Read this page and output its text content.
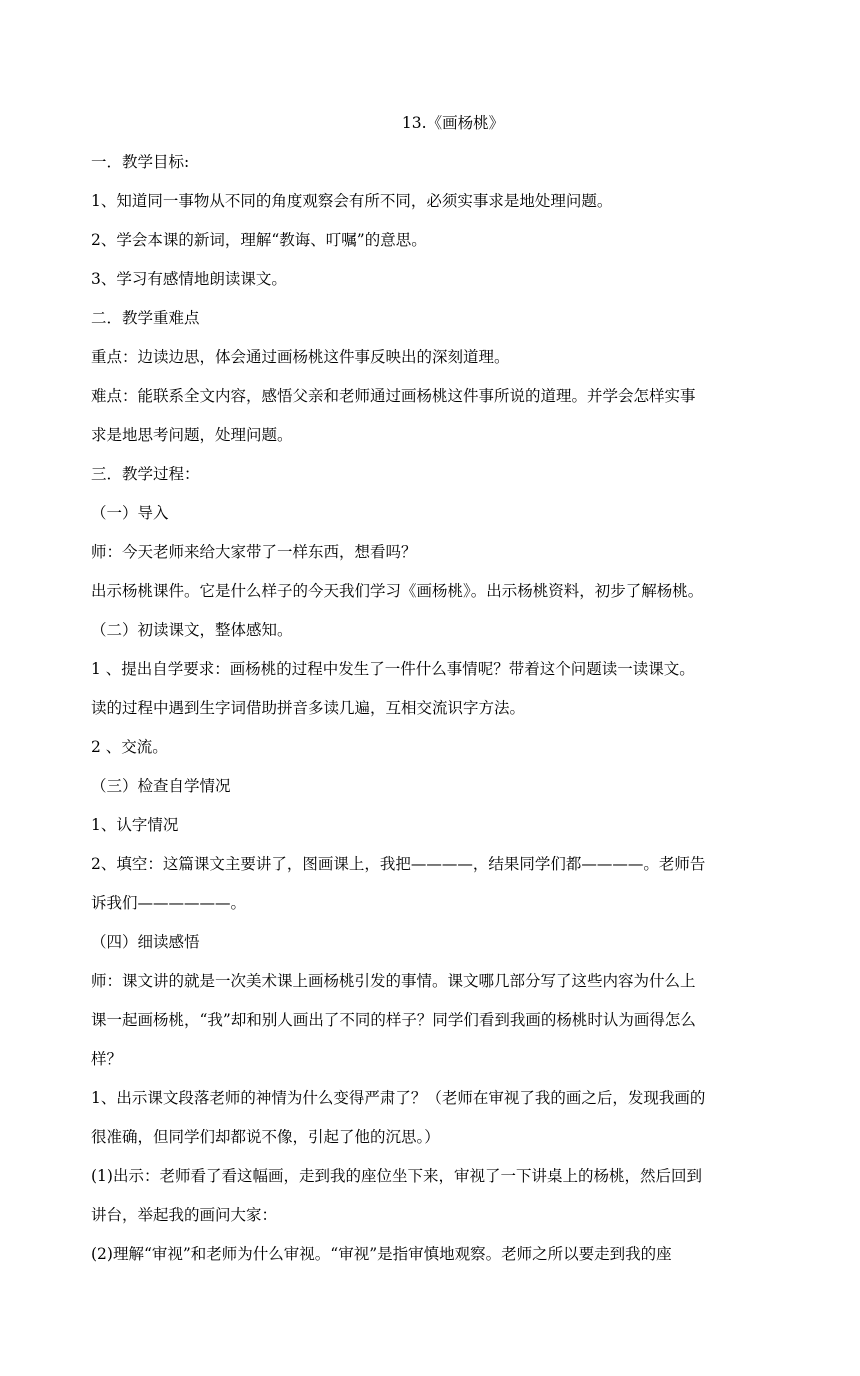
13.《画杨桃》

一．教学目标:

1、知道同一事物从不同的角度观察会有所不同，必须实事求是地处理问题。

2、学会本课的新词，理解“教诲、叮嘱”的意思。

3、学习有感情地朗读课文。

二．教学重难点

重点：边读边思，体会通过画杨桃这件事反映出的深刻道理。

难点：能联系全文内容，感悟父亲和老师通过画杨桃这件事所说的道理。并学会怎样实事

求是地思考问题，处理问题。

三．教学过程：

（一）导入

师：今天老师来给大家带了一样东西，想看吗？

出示杨桃课件。它是什么样子的今天我们学习《画杨桃》。出示杨桃资料，初步了解杨桃。

（二）初读课文，整体感知。

1 、提出自学要求：画杨桃的过程中发生了一件什么事情呢？带着这个问题读一读课文。

读的过程中遇到生字词借助拼音多读几遍，互相交流识字方法。

2 、交流。

（三）检查自学情况

1、认字情况

2、填空：这篇课文主要讲了，图画课上，我把————，结果同学们都————。老师告

诉我们——————。

（四）细读感悟

师：课文讲的就是一次美术课上画杨桃引发的事情。课文哪几部分写了这些内容为什么上

课一起画杨桃，“我”却和别人画出了不同的样子？同学们看到我画的杨桃时认为画得怎么

样？

1、出示课文段落老师的神情为什么变得严肃了？（老师在审视了我的画之后，发现我画的

很准确，但同学们却都说不像，引起了他的沉思。）

(1)出示：老师看了看这幅画，走到我的座位坐下来，审视了一下讲桌上的杨桃，然后回到

讲台，举起我的画问大家：

(2)理解“审视”和老师为什么审视。“审视”是指审慎地观察。老师之所以要走到我的座
